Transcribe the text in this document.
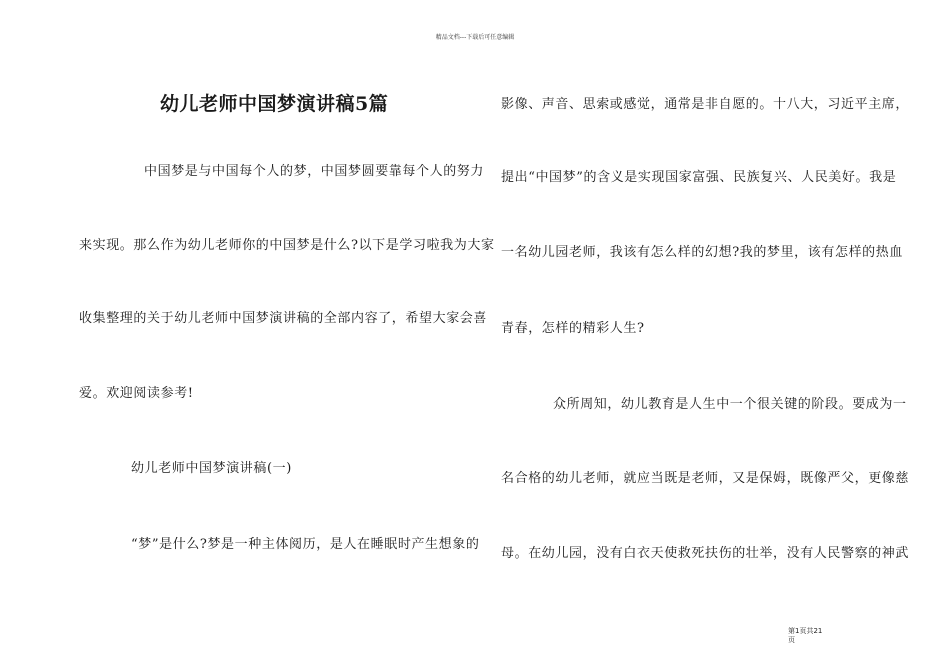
精品文档---下载后可任意编辑
幼儿老师中国梦演讲稿5篇
中国梦是与中国每个人的梦，中国梦圆要靠每个人的努力
来实现。那么作为幼儿老师你的中国梦是什么?以下是学习啦我为大家
收集整理的关于幼儿老师中国梦演讲稿的全部内容了，希望大家会喜
爱。欢迎阅读参考!
幼儿老师中国梦演讲稿(一)
“梦”是什么?梦是一种主体阅历，是人在睡眠时产生想象的
影像、声音、思索或感觉，通常是非自愿的。十八大，习近平主席，
提出“中国梦”的含义是实现国家富强、民族复兴、人民美好。我是
一名幼儿园老师，我该有怎么样的幻想?我的梦里，该有怎样的热血
青春，怎样的精彩人生?
众所周知，幼儿教育是人生中一个很关键的阶段。要成为一
名合格的幼儿老师，就应当既是老师，又是保姆，既像严父，更像慈
母。在幼儿园，没有白衣天使救死扶伤的壮举，没有人民警察的神武
第1页共21页
